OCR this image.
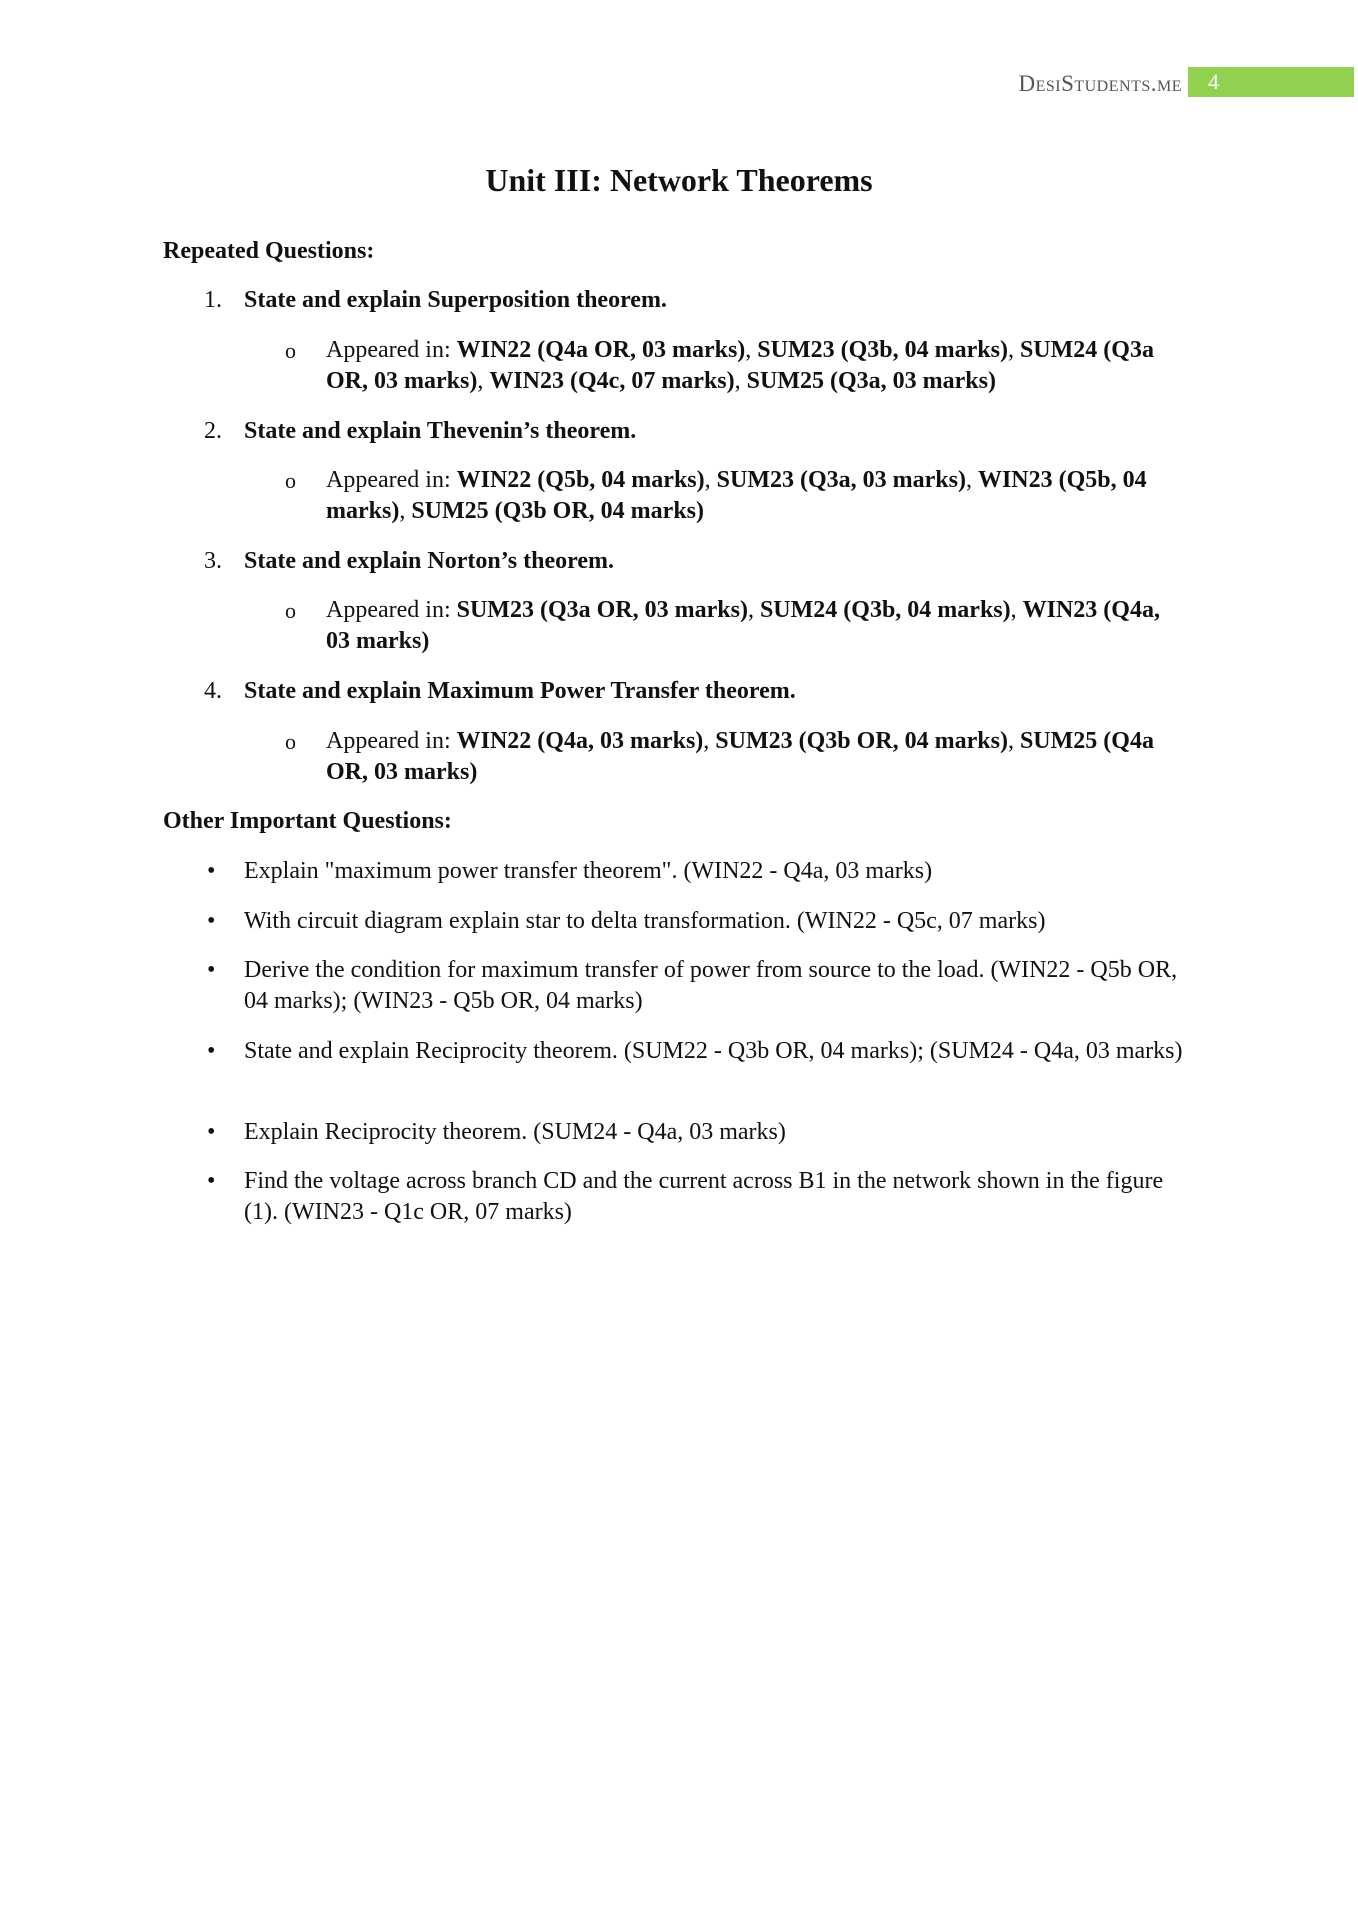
DesiStudents.me	4
Unit III: Network Theorems
Repeated Questions:
1. State and explain Superposition theorem.
o Appeared in: WIN22 (Q4a OR, 03 marks), SUM23 (Q3b, 04 marks), SUM24 (Q3a OR, 03 marks), WIN23 (Q4c, 07 marks), SUM25 (Q3a, 03 marks)
2. State and explain Thevenin’s theorem.
o Appeared in: WIN22 (Q5b, 04 marks), SUM23 (Q3a, 03 marks), WIN23 (Q5b, 04 marks), SUM25 (Q3b OR, 04 marks)
3. State and explain Norton’s theorem.
o Appeared in: SUM23 (Q3a OR, 03 marks), SUM24 (Q3b, 04 marks), WIN23 (Q4a, 03 marks)
4. State and explain Maximum Power Transfer theorem.
o Appeared in: WIN22 (Q4a, 03 marks), SUM23 (Q3b OR, 04 marks), SUM25 (Q4a OR, 03 marks)
Other Important Questions:
• Explain "maximum power transfer theorem". (WIN22 - Q4a, 03 marks)
• With circuit diagram explain star to delta transformation. (WIN22 - Q5c, 07 marks)
• Derive the condition for maximum transfer of power from source to the load. (WIN22 - Q5b OR, 04 marks); (WIN23 - Q5b OR, 04 marks)
• State and explain Reciprocity theorem. (SUM22 - Q3b OR, 04 marks); (SUM24 - Q4a, 03 marks)
• Explain Reciprocity theorem. (SUM24 - Q4a, 03 marks)
• Find the voltage across branch CD and the current across B1 in the network shown in the figure (1). (WIN23 - Q1c OR, 07 marks)
